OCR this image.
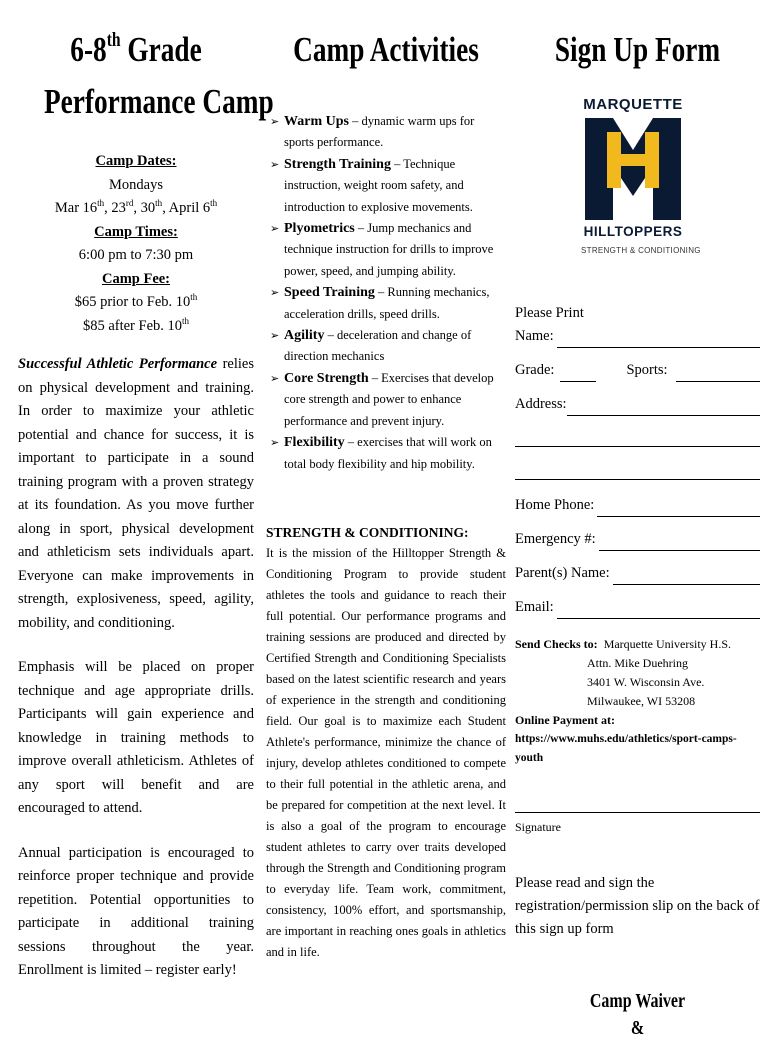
6-8th Grade
Performance Camp
Camp Dates:
Mondays
Mar 16th, 23rd, 30th, April 6th
Camp Times:
6:00 pm to 7:30 pm
Camp Fee:
$65 prior to Feb. 10th
$85 after Feb. 10th

Successful Athletic Performance relies on physical development and training. In order to maximize your athletic potential and chance for success, it is important to participate in a sound training program with a proven strategy at its foundation. As you move further along in sport, physical development and athleticism sets individuals apart. Everyone can make improvements in strength, explosiveness, speed, agility, mobility, and conditioning.

Emphasis will be placed on proper technique and age appropriate drills. Participants will gain experience and knowledge in training methods to improve overall athleticism. Athletes of any sport will benefit and are encouraged to attend.

Annual participation is encouraged to reinforce proper technique and provide repetition. Potential opportunities to participate in additional training sessions throughout the year. Enrollment is limited – register early!

Camp Activities
➢ Warm Ups – dynamic warm ups for sports performance.
➢ Strength Training – Technique instruction, weight room safety, and introduction to explosive movements.
➢ Plyometrics – Jump mechanics and technique instruction for drills to improve power, speed, and jumping ability.
➢ Speed Training – Running mechanics, acceleration drills, speed drills.
➢ Agility – deceleration and change of direction mechanics
➢ Core Strength – Exercises that develop core strength and power to enhance performance and prevent injury.
➢ Flexibility – exercises that will work on total body flexibility and hip mobility.
STRENGTH & CONDITIONING:

It is the mission of the Hilltopper Strength & Conditioning Program to provide student athletes the tools and guidance to reach their full potential. Our performance programs and training sessions are produced and directed by Certified Strength and Conditioning Specialists based on the latest scientific research and years of experience in the strength and conditioning field. Our goal is to maximize each Student Athlete's performance, minimize the chance of injury, develop athletes conditioned to compete to their full potential in the athletic arena, and be prepared for competition at the next level. It is also a goal of the program to encourage student athletes to carry over traits developed through the Strength and Conditioning program to everyday life. Team work, commitment, consistency, 100% effort, and sportsmanship, are important in reaching ones goals in athletics and in life.

Sign Up Form
MARQUETTE
HILLTOPPERS
STRENGTH & CONDITIONING
Please Print
Name:
Grade:	Sports:
Address:
Home Phone:
Emergency #:
Parent(s) Name:
Email:
Send Checks to: Marquette University H.S.
Attn. Mike Duehring
3401 W. Wisconsin Ave.
Milwaukee, WI 53208
Online Payment at:
https://www.muhs.edu/athletics/sport-camps-youth
Signature

Please read and sign the registration/permission slip on the back of this sign up form

Camp Waiver
&
